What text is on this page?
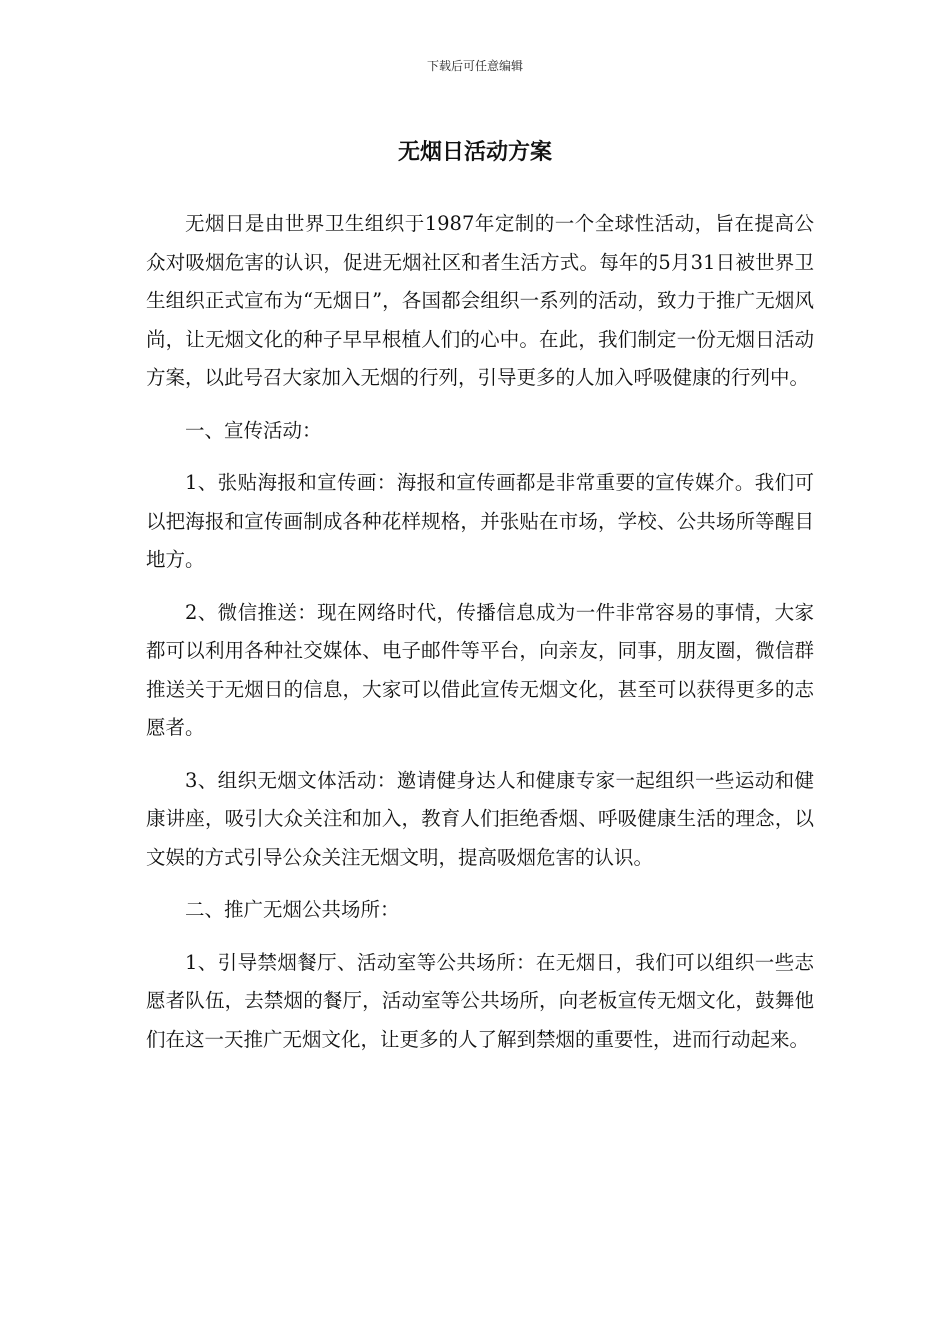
下载后可任意编辑
无烟日活动方案

无烟日是由世界卫生组织于1987年定制的一个全球性活动，旨在提高公众对吸烟危害的认识，促进无烟社区和者生活方式。每年的5月31日被世界卫生组织正式宣布为“无烟日”，各国都会组织一系列的活动，致力于推广无烟风尚，让无烟文化的种子早早根植人们的心中。在此，我们制定一份无烟日活动方案，以此号召大家加入无烟的行列，引导更多的人加入呼吸健康的行列中。

一、宣传活动：

1、张贴海报和宣传画：海报和宣传画都是非常重要的宣传媒介。我们可以把海报和宣传画制成各种花样规格，并张贴在市场，学校、公共场所等醒目地方。

2、微信推送：现在网络时代，传播信息成为一件非常容易的事情，大家都可以利用各种社交媒体、电子邮件等平台，向亲友，同事，朋友圈，微信群推送关于无烟日的信息，大家可以借此宣传无烟文化，甚至可以获得更多的志愿者。

3、组织无烟文体活动：邀请健身达人和健康专家一起组织一些运动和健康讲座，吸引大众关注和加入，教育人们拒绝香烟、呼吸健康生活的理念，以文娱的方式引导公众关注无烟文明，提高吸烟危害的认识。

二、推广无烟公共场所：

1、引导禁烟餐厅、活动室等公共场所：在无烟日，我们可以组织一些志愿者队伍，去禁烟的餐厅，活动室等公共场所，向老板宣传无烟文化，鼓舞他们在这一天推广无烟文化，让更多的人了解到禁烟的重要性，进而行动起来。
